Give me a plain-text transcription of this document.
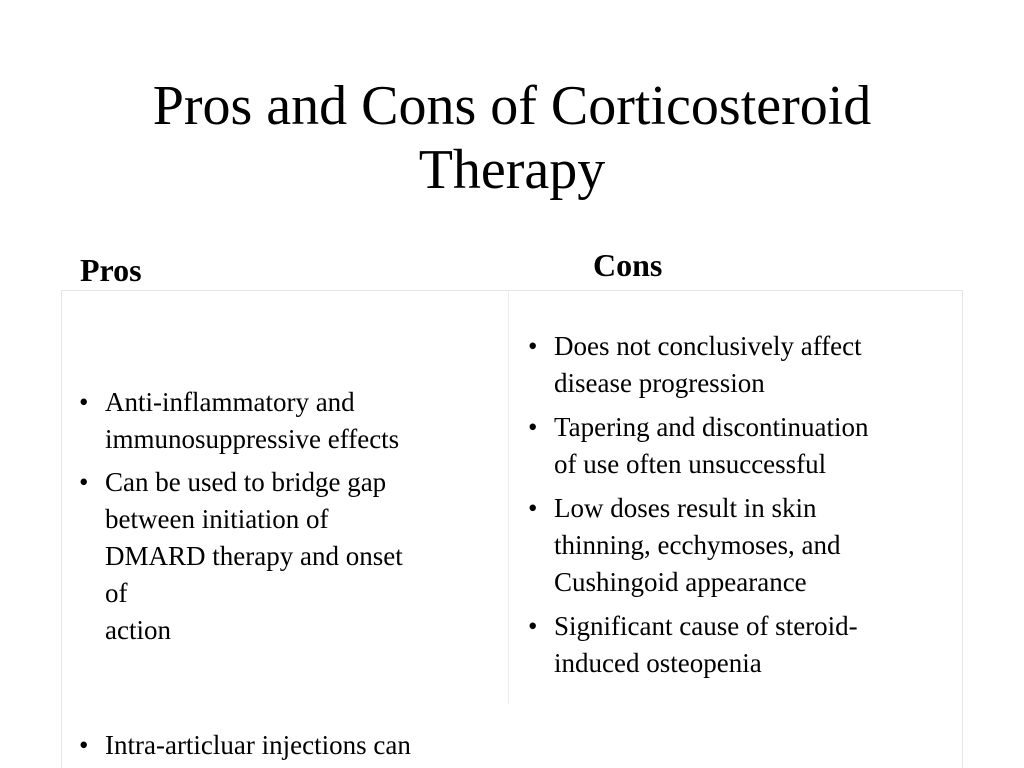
Pros and Cons of Corticosteroid
Therapy
Pros	Cons
• Anti-inflammatory and
immunosuppressive effects
• Can be used to bridge gap
between initiation of
DMARD therapy and onset
of
action
• Intra-articluar injections can
• Does not conclusively affect
disease progression
• Tapering and discontinuation
of use often unsuccessful
• Low doses result in skin
thinning, ecchymoses, and
Cushingoid appearance
• Significant cause of steroid-
induced osteopenia
